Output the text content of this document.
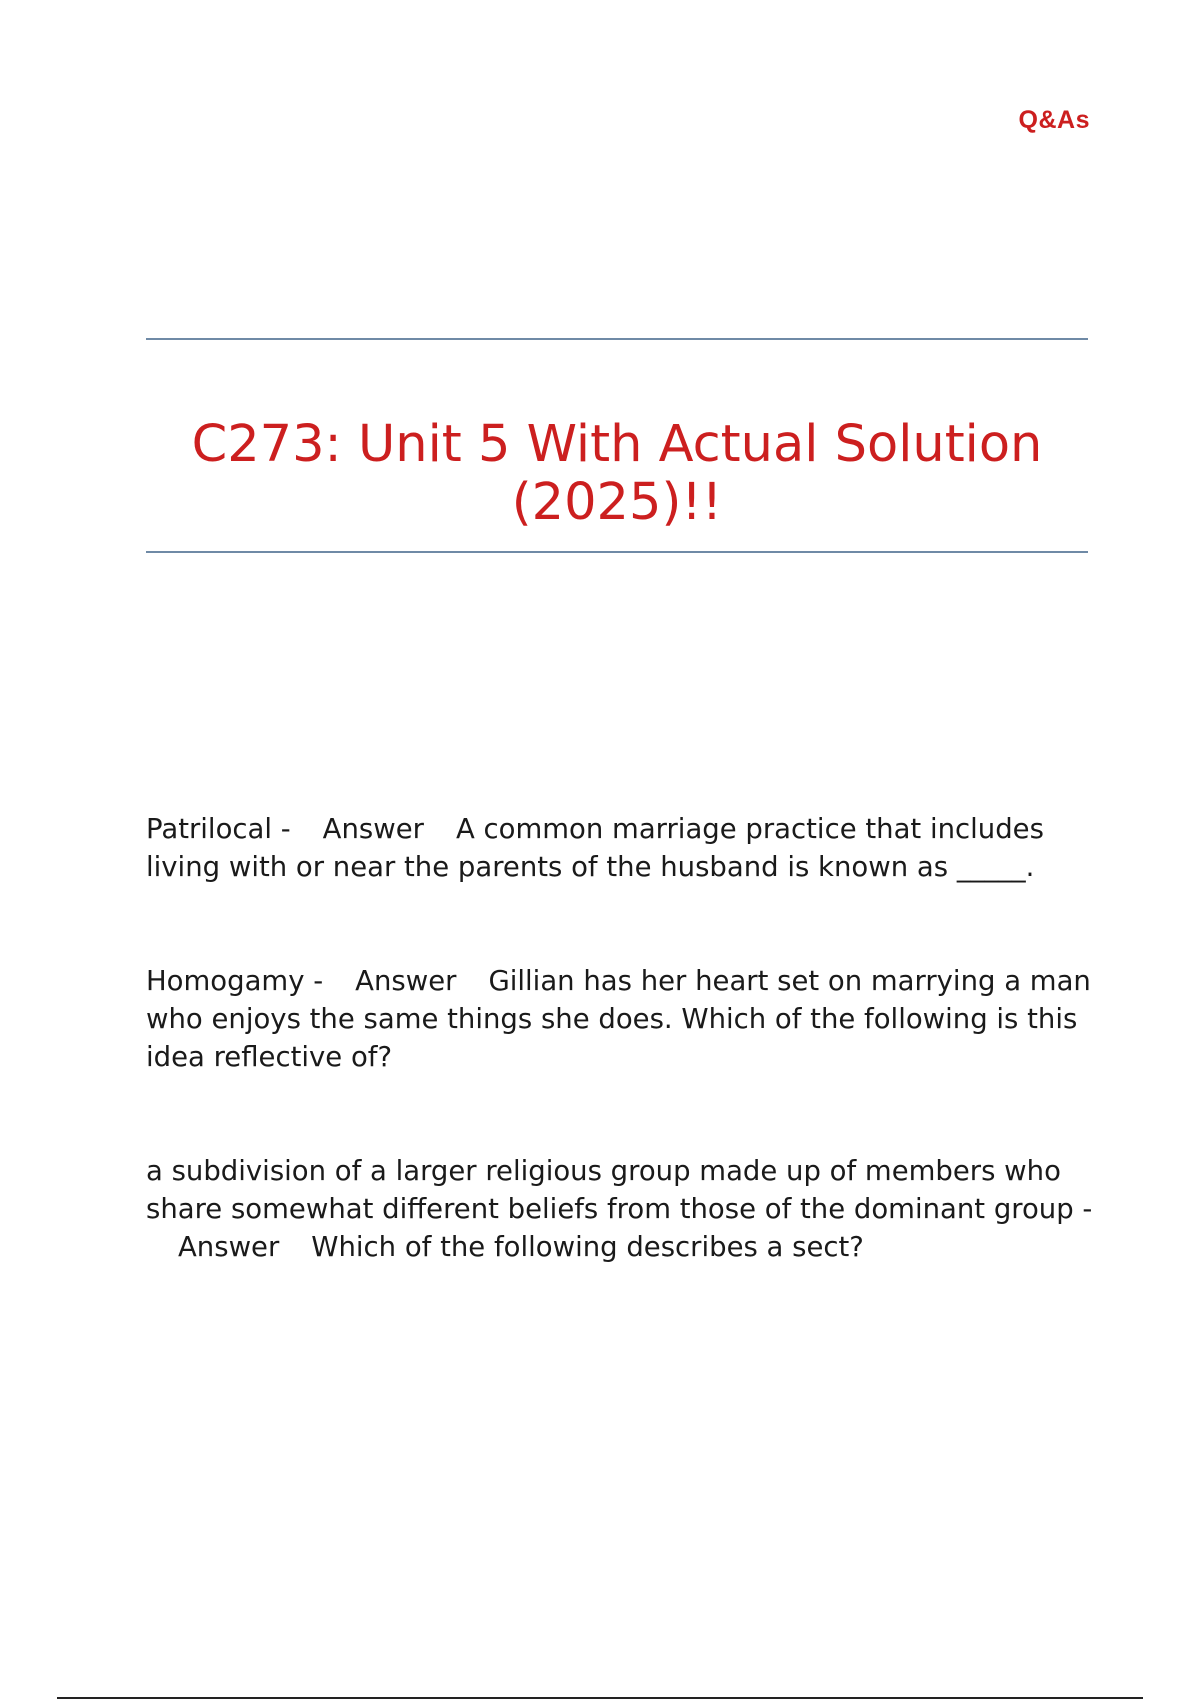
Q&As
C273: Unit 5 With Actual Solution
(2025)!!

Patrilocal - Answer A common marriage practice that includes living with or near the parents of the husband is known as _____.

Homogamy - Answer Gillian has her heart set on marrying a man who enjoys the same things she does. Which of the following is this idea reflective of?

a subdivision of a larger religious group made up of members who share somewhat different beliefs from those of the dominant group -Answer Which of the following describes a sect?
